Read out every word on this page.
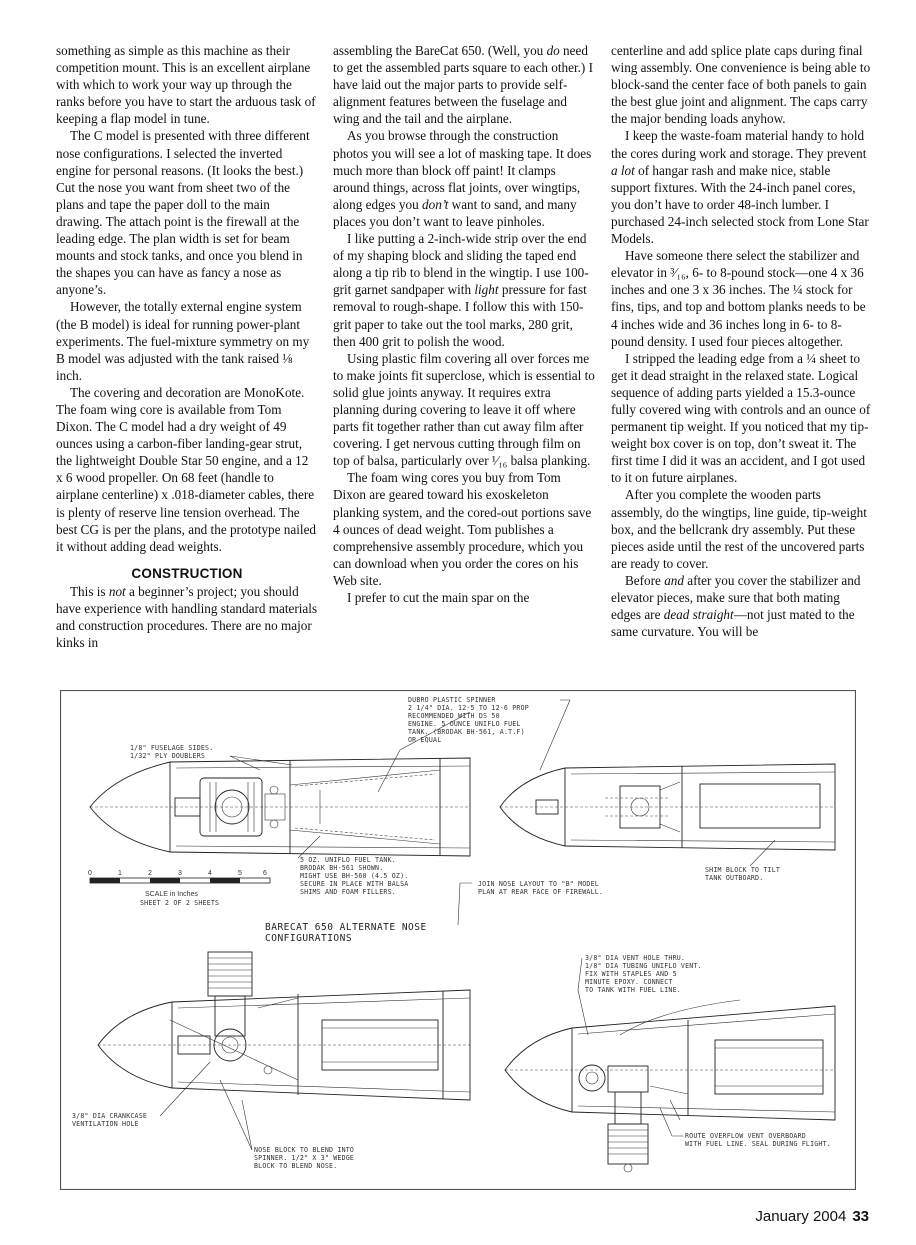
something as simple as this machine as their competition mount. This is an excellent airplane with which to work your way up through the ranks before you have to start the arduous task of keeping a flap model in tune.

The C model is presented with three different nose configurations. I selected the inverted engine for personal reasons. (It looks the best.) Cut the nose you want from sheet two of the plans and tape the paper doll to the main drawing. The attach point is the firewall at the leading edge. The plan width is set for beam mounts and stock tanks, and once you blend in the shapes you can have as fancy a nose as anyone’s.

However, the totally external engine system (the B model) is ideal for running power-plant experiments. The fuel-mixture symmetry on my B model was adjusted with the tank raised ⅛ inch.

The covering and decoration are MonoKote. The foam wing core is available from Tom Dixon. The C model had a dry weight of 49 ounces using a carbon-fiber landing-gear strut, the lightweight Double Star 50 engine, and a 12 x 6 wood propeller. On 68 feet (handle to airplane centerline) x .018-diameter cables, there is plenty of reserve line tension overhead. The best CG is per the plans, and the prototype nailed it without adding dead weights.

CONSTRUCTION

This is not a beginner’s project; you should have experience with handling standard materials and construction procedures. There are no major kinks in

assembling the BareCat 650. (Well, you do need to get the assembled parts square to each other.) I have laid out the major parts to provide self-alignment features between the fuselage and wing and the tail and the airplane.

As you browse through the construction photos you will see a lot of masking tape. It does much more than block off paint! It clamps around things, across flat joints, over wingtips, along edges you don’t want to sand, and many places you don’t want to leave pinholes.

I like putting a 2-inch-wide strip over the end of my shaping block and sliding the taped end along a tip rib to blend in the wingtip. I use 100-grit garnet sandpaper with light pressure for fast removal to rough-shape. I follow this with 150-grit paper to take out the tool marks, 280 grit, then 400 grit to polish the wood.

Using plastic film covering all over forces me to make joints fit superclose, which is essential to solid glue joints anyway. It requires extra planning during covering to leave it off where parts fit together rather than cut away film after covering. I get nervous cutting through film on top of balsa, particularly over ¹⁄₁₆ balsa planking.

The foam wing cores you buy from Tom Dixon are geared toward his exoskeleton planking system, and the cored-out portions save 4 ounces of dead weight. Tom publishes a comprehensive assembly procedure, which you can download when you order the cores on his Web site.

I prefer to cut the main spar on the

centerline and add splice plate caps during final wing assembly. One convenience is being able to block-sand the center face of both panels to gain the best glue joint and alignment. The caps carry the major bending loads anyhow.

I keep the waste-foam material handy to hold the cores during work and storage. They prevent a lot of hangar rash and make nice, stable support fixtures. With the 24-inch panel cores, you don’t have to order 48-inch lumber. I purchased 24-inch selected stock from Lone Star Models.

Have someone there select the stabilizer and elevator in ³⁄₁₆, 6- to 8-pound stock—one 4 x 36 inches and one 3 x 36 inches. The ¼ stock for fins, tips, and top and bottom planks needs to be 4 inches wide and 36 inches long in 6- to 8-pound density. I used four pieces altogether.

I stripped the leading edge from a ¼ sheet to get it dead straight in the relaxed state. Logical sequence of adding parts yielded a 15.3-ounce fully covered wing with controls and an ounce of permanent tip weight. If you noticed that my tip-weight box cover is on top, don’t sweat it. The first time I did it was an accident, and I got used to it on future airplanes.

After you complete the wooden parts assembly, do the wingtips, line guide, tip-weight box, and the bellcrank dry assembly. Put these pieces aside until the rest of the uncovered parts are ready to cover.

Before and after you cover the stabilizer and elevator pieces, make sure that both mating edges are dead straight—not just mated to the same curvature. You will be

1/8" FUSELAGE SIDES. 1/32" PLY DOUBLERS
DUBRO PLASTIC SPINNER 2 1/4" DIA. 12-5 TO 12-6 PROP RECOMMENDED WITH DS 50 ENGINE. 5 OUNCE UNIFLO FUEL TANK. (BRODAK BH-561, A.T.F) OR EQUAL
5 OZ. UNIFLO FUEL TANK. BRODAK BH-561 SHOWN. MIGHT USE BH-560 (4.5 OZ). SECURE IN PLACE WITH BALSA SHIMS AND FOAM FILLERS.
0	1	2	3	4	5	6
SCALE in Inches
SHEET 2 OF 2 SHEETS
BARECAT 650 ALTERNATE NOSE CONFIGURATIONS
JOIN NOSE LAYOUT TO "B" MODEL PLAN AT REAR FACE OF FIREWALL.
SHIM BLOCK TO TILT TANK OUTBOARD.
3/8" DIA CRANKCASE VENTILATION HOLE
NOSE BLOCK TO BLEND INTO SPINNER. 1/2" X 3" WEDGE BLOCK TO BLEND NOSE.
3/8" DIA VENT HOLE THRU. 1/8" DIA TUBING UNIFLO VENT. FIX WITH STAPLES AND 5 MINUTE EPOXY. CONNECT TO TANK WITH FUEL LINE.
ROUTE OVERFLOW VENT OVERBOARD WITH FUEL LINE. SEAL DURING FLIGHT.
January 2004 33
